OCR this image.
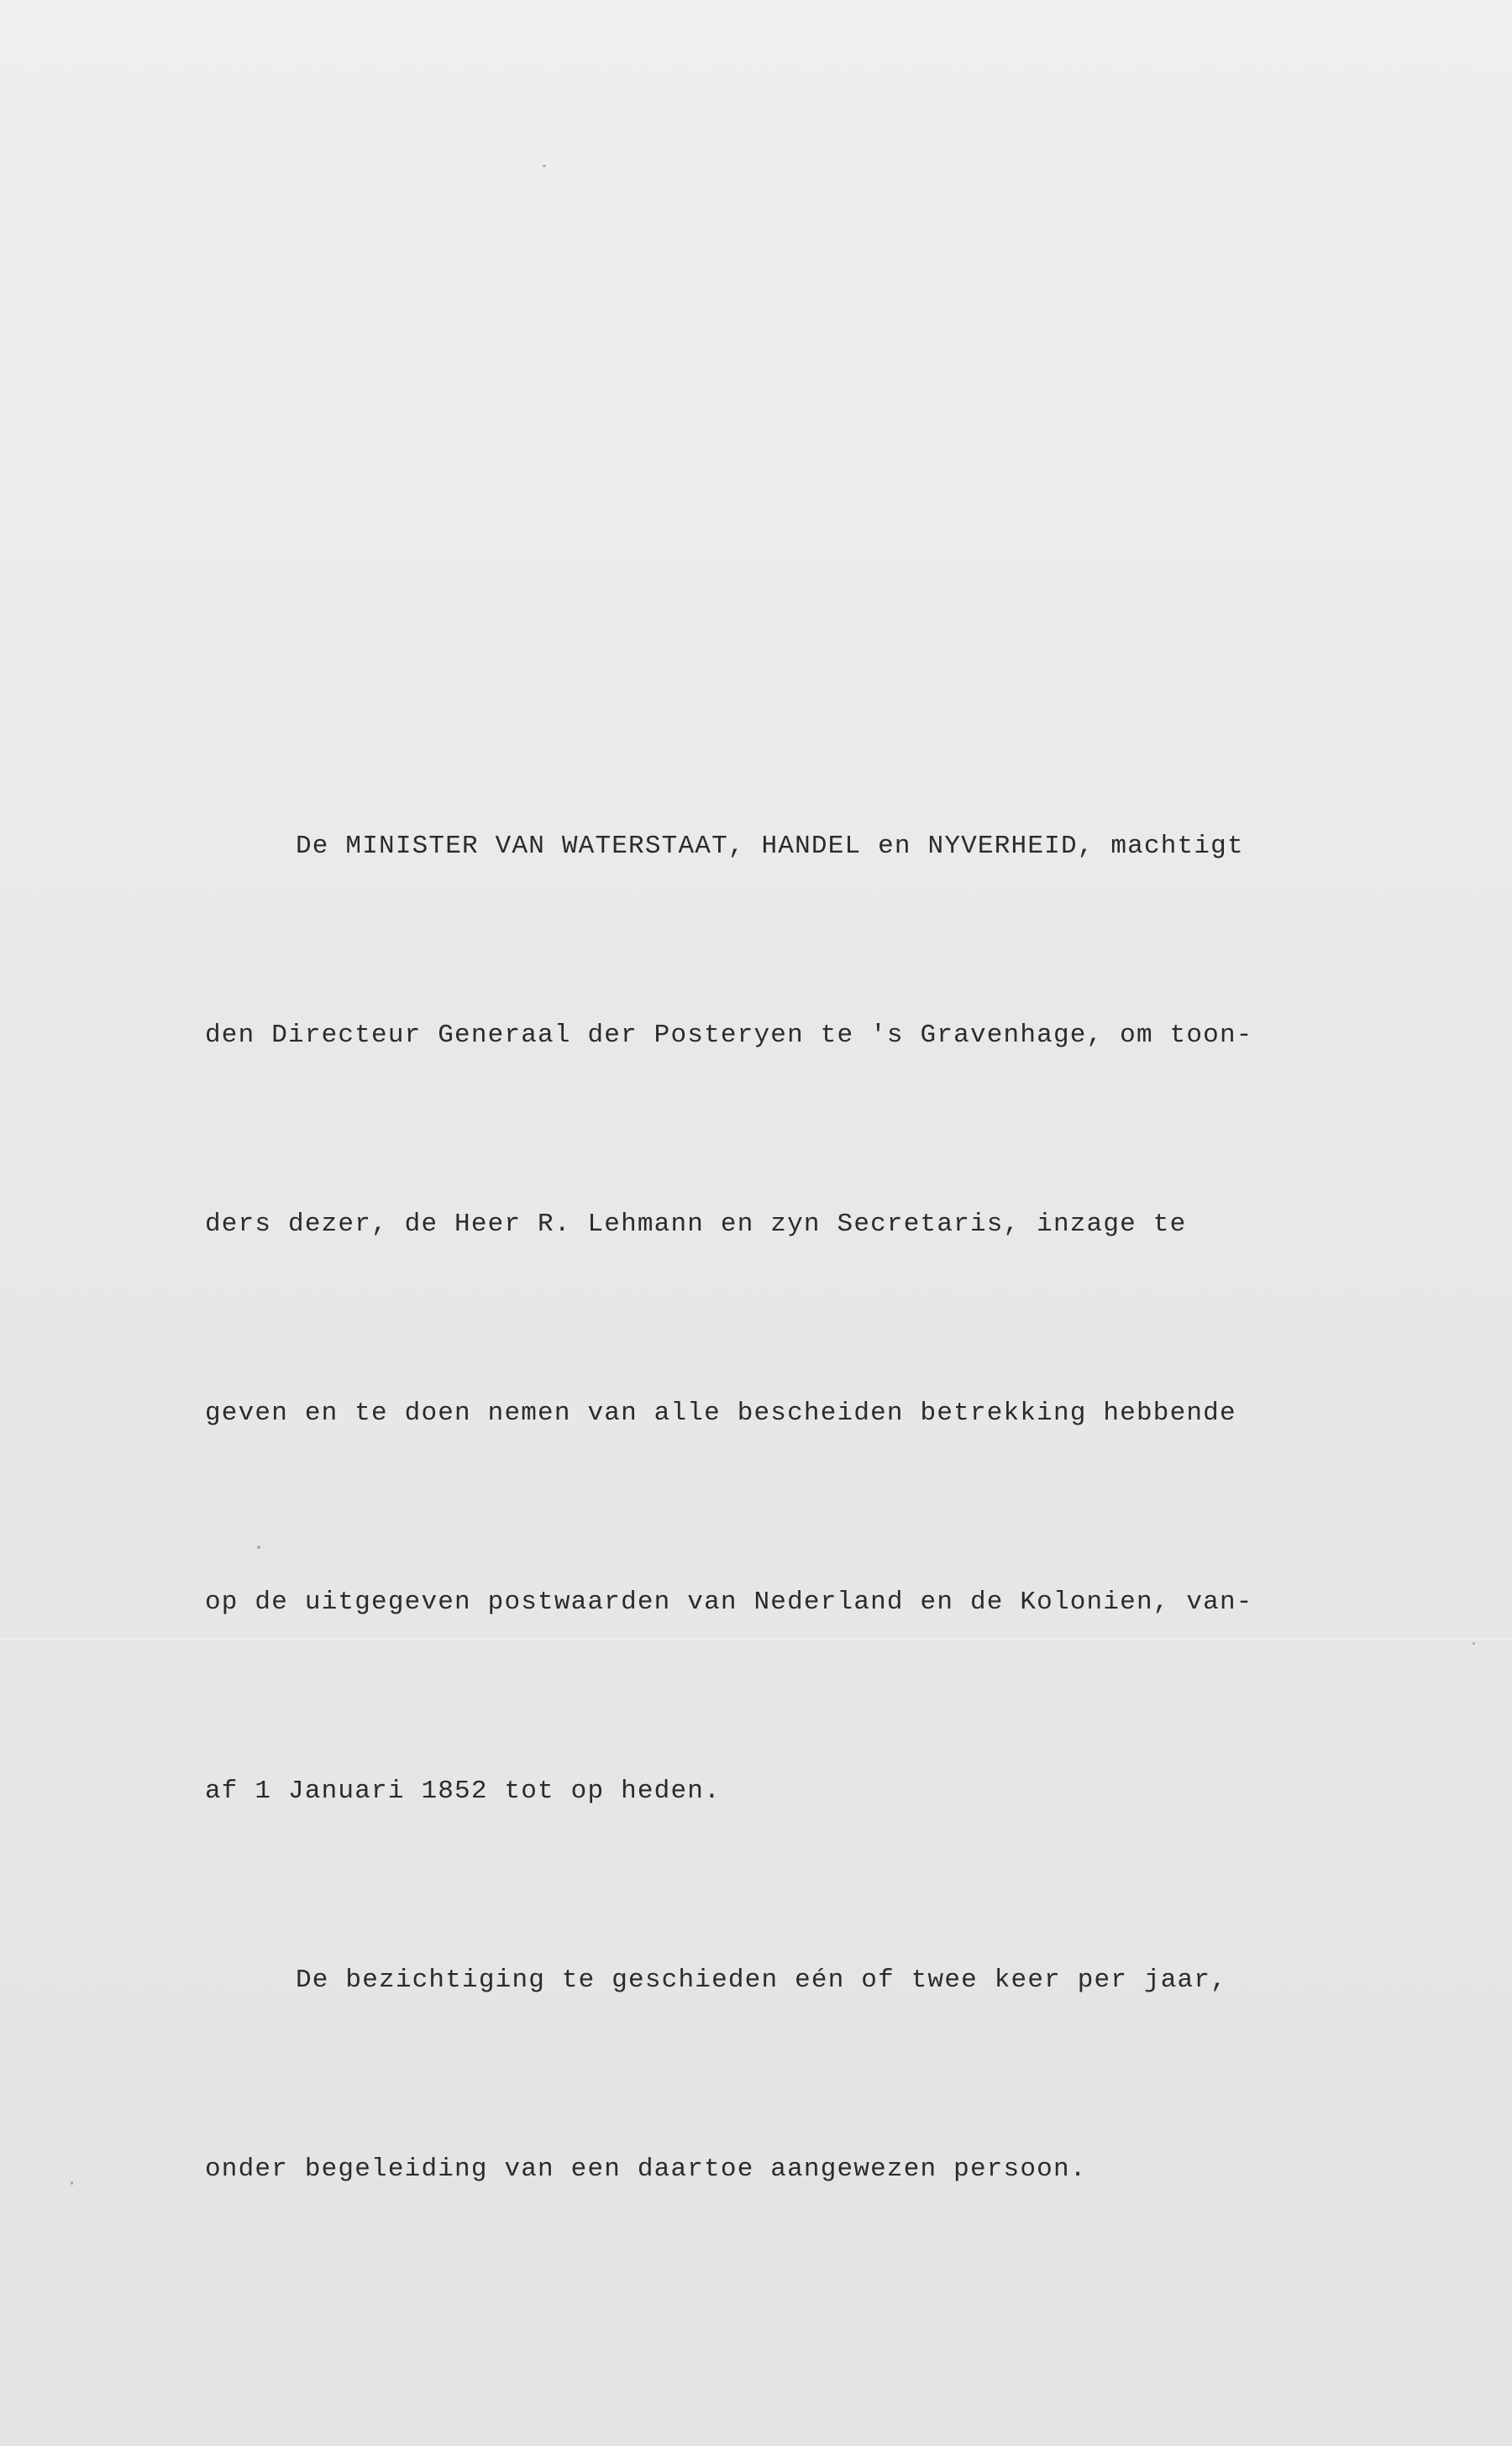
De MINISTER VAN WATERSTAAT, HANDEL en NYVERHEID, machtigt

den Directeur Generaal der Posteryen te 's Gravenhage, om toon-

ders dezer, de Heer R. Lehmann en zyn Secretaris, inzage te

geven en te doen nemen van alle bescheiden betrekking hebbende

op de uitgegeven postwaarden van Nederland en de Kolonien, van-

af 1 Januari 1852 tot op heden.

De bezichtiging te geschieden eén of twee keer per jaar,

onder begeleiding van een daartoe aangewezen persoon.
